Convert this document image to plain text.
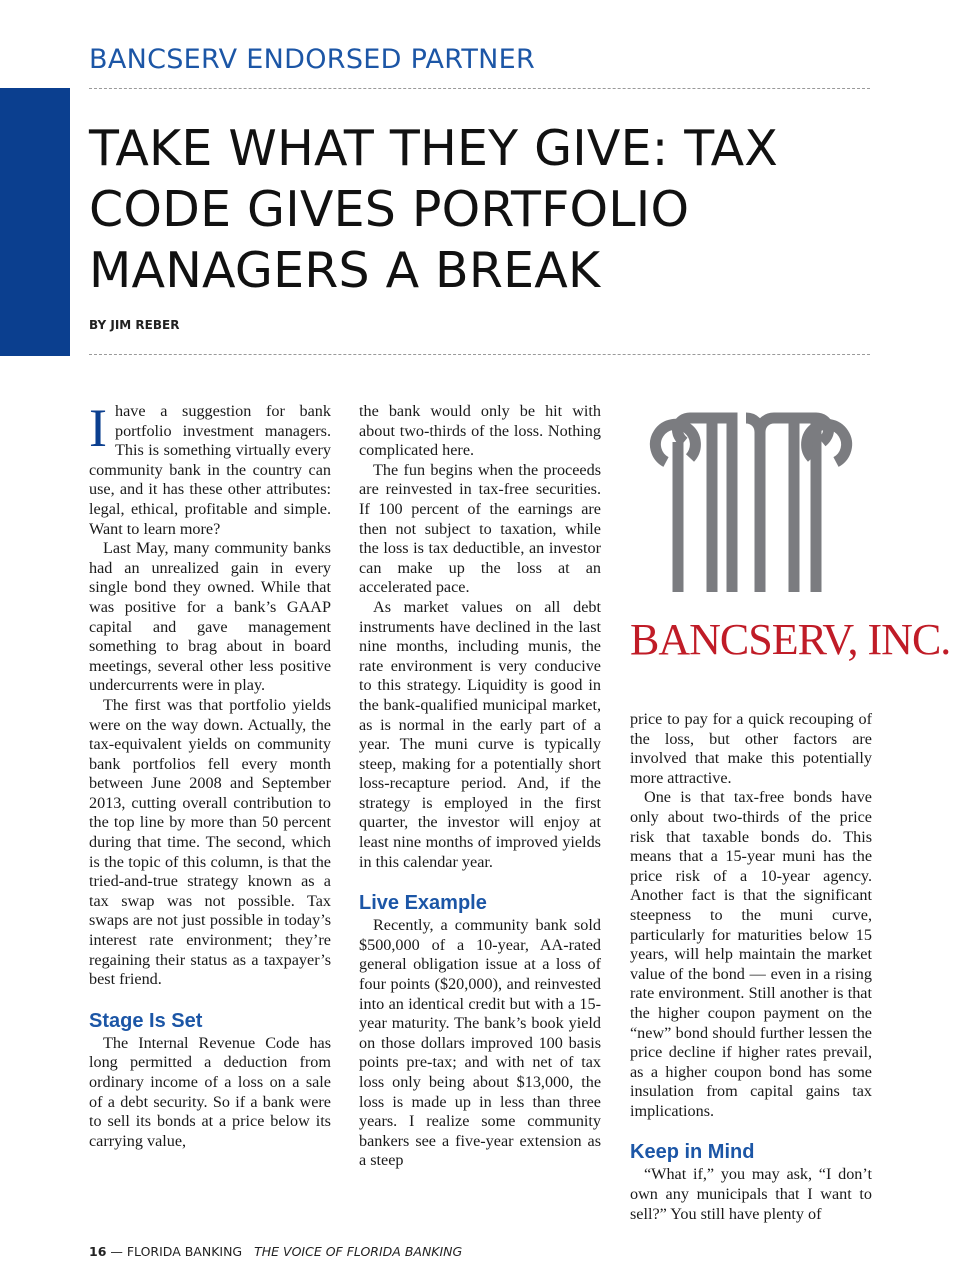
BANCSERV ENDORSED PARTNER
TAKE WHAT THEY GIVE: TAX CODE GIVES PORTFOLIO MANAGERS A BREAK
BY JIM REBER

Ihave a suggestion for bank portfolio investment managers. This is something virtually every community bank in the country can use, and it has these other attributes: legal, ethical, profitable and simple. Want to learn more?

Last May, many community banks had an unrealized gain in every single bond they owned. While that was positive for a bank’s GAAP capital and gave management something to brag about in board meetings, several other less positive undercurrents were in play.

The first was that portfolio yields were on the way down. Actually, the tax-equivalent yields on community bank portfolios fell every month between June 2008 and September 2013, cutting overall contribution to the top line by more than 50 percent during that time. The second, which is the topic of this column, is that the tried-and-true strategy known as a tax swap was not possible. Tax swaps are not just possible in today’s interest rate environment; they’re regaining their status as a taxpayer’s best friend.

Stage Is Set

The Internal Revenue Code has long permitted a deduction from ordinary income of a loss on a sale of a debt security. So if a bank were to sell its bonds at a price below its carrying value,

the bank would only be hit with about two-thirds of the loss. Nothing complicated here.

The fun begins when the proceeds are reinvested in tax-free securities. If 100 percent of the earnings are then not subject to taxation, while the loss is tax deductible, an investor can make up the loss at an accelerated pace.

As market values on all debt instruments have declined in the last nine months, including munis, the rate environment is very conducive to this strategy. Liquidity is good in the bank-qualified municipal market, as is normal in the early part of a year. The muni curve is typically steep, making for a potentially short loss-recapture period. And, if the strategy is employed in the first quarter, the investor will enjoy at least nine months of improved yields in this calendar year.

Live Example

Recently, a community bank sold $500,000 of a 10-year, AA-rated general obligation issue at a loss of four points ($20,000), and reinvested into an identical credit but with a 15-year maturity. The bank’s book yield on those dollars improved 100 basis points pre-tax; and with net of tax loss only being about $13,000, the loss is made up in less than three years. I realize some community bankers see a five-year extension as a steep

BANCSERV, INC.

price to pay for a quick recouping of the loss, but other factors are involved that make this potentially more attractive.

One is that tax-free bonds have only about two-thirds of the price risk that taxable bonds do. This means that a 15-year muni has the price risk of a 10-year agency. Another fact is that the significant steepness to the muni curve, particularly for maturities below 15 years, will help maintain the market value of the bond — even in a rising rate environment. Still another is that the higher coupon payment on the “new” bond should further lessen the price decline if higher rates prevail, as a higher coupon bond has some insulation from capital gains tax implications.

Keep in Mind

“What if,” you may ask, “I don’t own any municipals that I want to sell?” You still have plenty of

16 — FLORIDA BANKING THE VOICE OF FLORIDA BANKING
